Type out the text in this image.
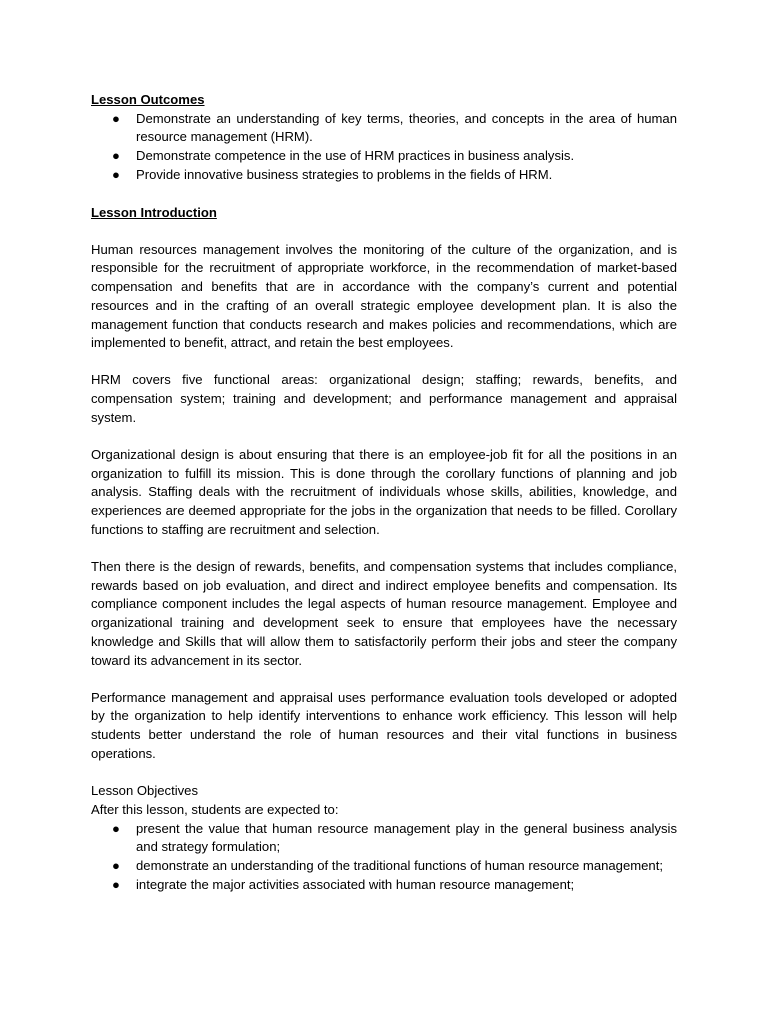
Lesson Outcomes
● Demonstrate an understanding of key terms, theories, and concepts in the area of human resource management (HRM).
● Demonstrate competence in the use of HRM practices in business analysis.
● Provide innovative business strategies to problems in the fields of HRM.
Lesson Introduction

Human resources management involves the monitoring of the culture of the organization, and is responsible for the recruitment of appropriate workforce, in the recommendation of market-based compensation and benefits that are in accordance with the company’s current and potential resources and in the crafting of an overall strategic employee development plan. It is also the management function that conducts research and makes policies and recommendations, which are implemented to benefit, attract, and retain the best employees.

HRM covers five functional areas: organizational design; staffing; rewards, benefits, and compensation system; training and development; and performance management and appraisal system.

Organizational design is about ensuring that there is an employee-job fit for all the positions in an organization to fulfill its mission. This is done through the corollary functions of planning and job analysis. Staffing deals with the recruitment of individuals whose skills, abilities, knowledge, and experiences are deemed appropriate for the jobs in the organization that needs to be filled. Corollary functions to staffing are recruitment and selection.

Then there is the design of rewards, benefits, and compensation systems that includes compliance, rewards based on job evaluation, and direct and indirect employee benefits and compensation. Its compliance component includes the legal aspects of human resource management. Employee and organizational training and development seek to ensure that employees have the necessary knowledge and Skills that will allow them to satisfactorily perform their jobs and steer the company toward its advancement in its sector.

Performance management and appraisal uses performance evaluation tools developed or adopted by the organization to help identify interventions to enhance work efficiency. This lesson will help students better understand the role of human resources and their vital functions in business operations.

Lesson Objectives
After this lesson, students are expected to:
● present the value that human resource management play in the general business analysis and strategy formulation;
● demonstrate an understanding of the traditional functions of human resource management;
● integrate the major activities associated with human resource management;
